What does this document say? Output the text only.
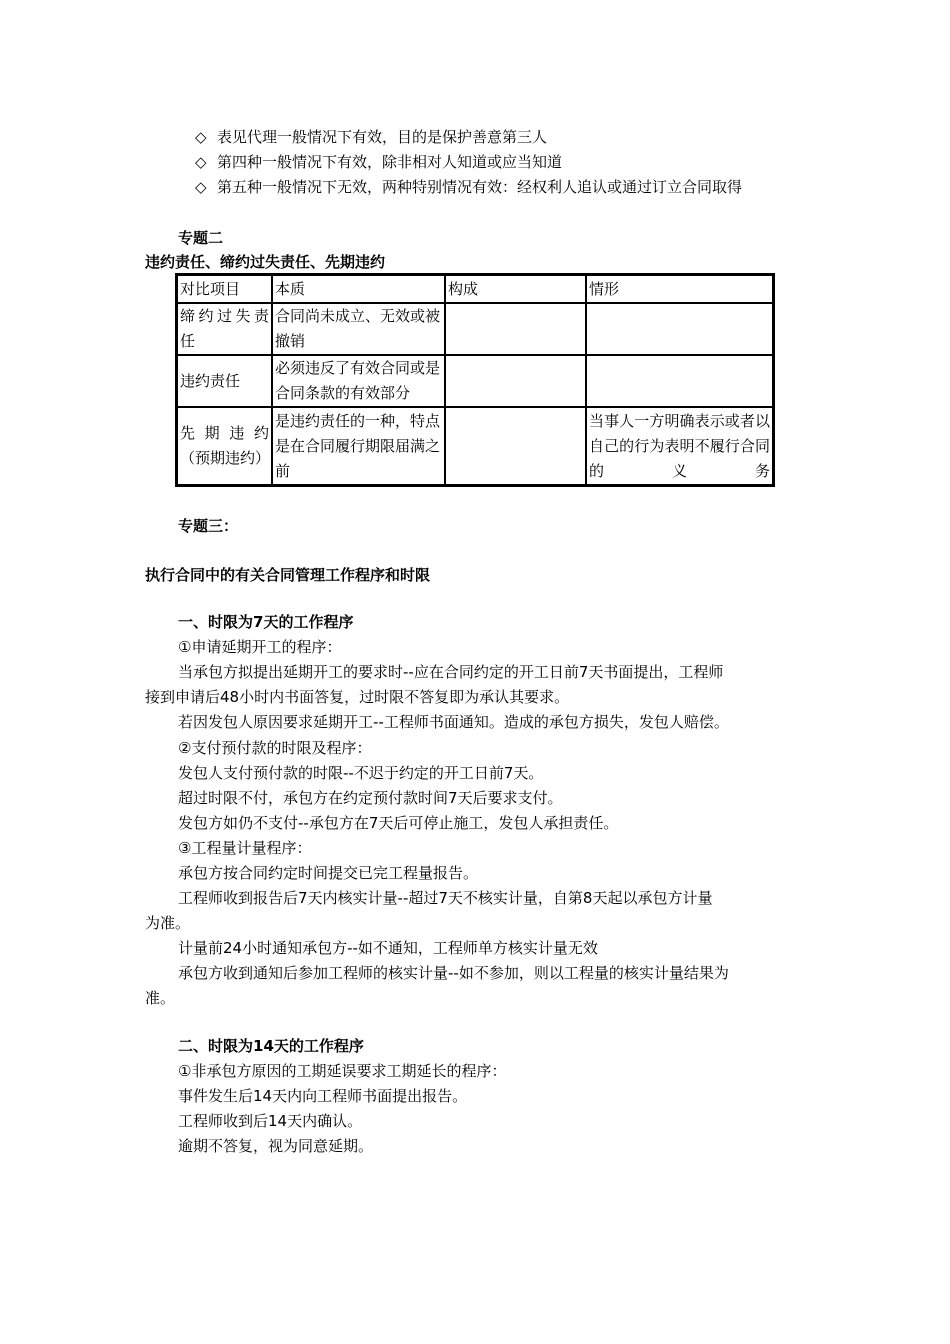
◇ 表见代理一般情况下有效，目的是保护善意第三人
◇ 第四种一般情况下有效，除非相对人知道或应当知道
◇ 第五种一般情况下无效，两种特别情况有效：经权利人追认或通过订立合同取得
专题二
违约责任、缔约过失责任、先期违约
对比项目	本质	构成	情形
缔约过失责任	合同尚未成立、无效或被撤销		
违约责任	必须违反了有效合同或是合同条款的有效部分		
先期违约（预期违约）	是违约责任的一种，特点是在合同履行期限届满之前		当事人一方明确表示或者以自己的行为表明不履行合同的义务
专题三：
执行合同中的有关合同管理工作程序和时限
一、时限为7天的工作程序
①申请延期开工的程序：
当承包方拟提出延期开工的要求时--应在合同约定的开工日前7天书面提出，工程师
接到申请后48小时内书面答复，过时限不答复即为承认其要求。
若因发包人原因要求延期开工--工程师书面通知。造成的承包方损失，发包人赔偿。
②支付预付款的时限及程序：
发包人支付预付款的时限--不迟于约定的开工日前7天。
超过时限不付，承包方在约定预付款时间7天后要求支付。
发包方如仍不支付--承包方在7天后可停止施工，发包人承担责任。
③工程量计量程序：
承包方按合同约定时间提交已完工程量报告。
工程师收到报告后7天内核实计量--超过7天不核实计量，自第8天起以承包方计量
为准。
计量前24小时通知承包方--如不通知，工程师单方核实计量无效
承包方收到通知后参加工程师的核实计量--如不参加，则以工程量的核实计量结果为
准。
二、时限为14天的工作程序
①非承包方原因的工期延误要求工期延长的程序：
事件发生后14天内向工程师书面提出报告。
工程师收到后14天内确认。
逾期不答复，视为同意延期。
